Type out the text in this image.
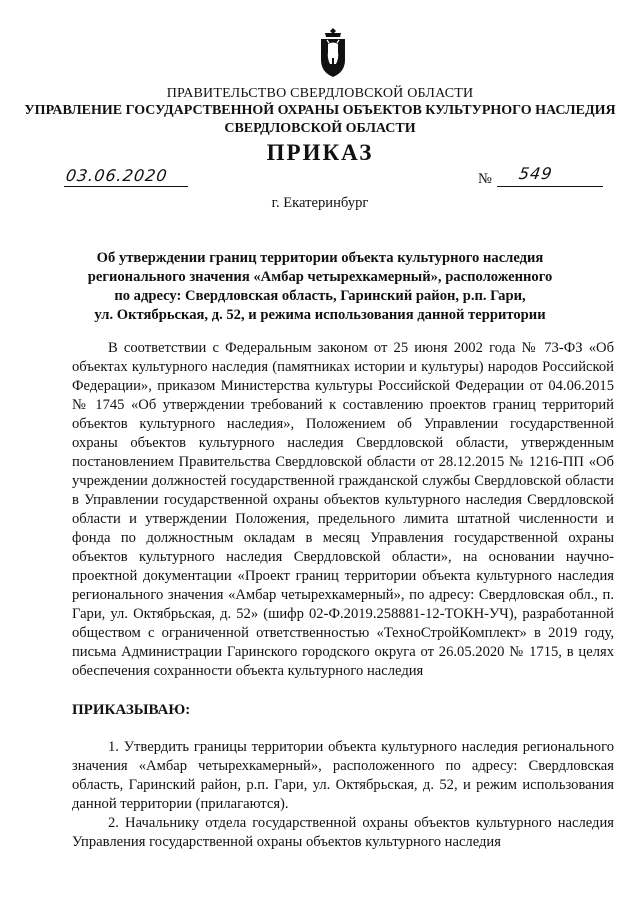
ПРАВИТЕЛЬСТВО СВЕРДЛОВСКОЙ ОБЛАСТИ
УПРАВЛЕНИЕ ГОСУДАРСТВЕННОЙ ОХРАНЫ ОБЪЕКТОВ КУЛЬТУРНОГО НАСЛЕДИЯ
СВЕРДЛОВСКОЙ ОБЛАСТИ
ПРИКАЗ
03.06.2020	№ 549
г. Екатеринбург
Об утверждении границ территории объекта культурного наследия
регионального значения «Амбар четырехкамерный», расположенного
по адресу: Свердловская область, Гаринский район, р.п. Гари,
ул. Октябрьская, д. 52, и режима использования данной территории

В соответствии с Федеральным законом от 25 июня 2002 года № 73-ФЗ «Об объектах культурного наследия (памятниках истории и культуры) народов Российской Федерации», приказом Министерства культуры Российской Федерации от 04.06.2015 № 1745 «Об утверждении требований к составлению проектов границ территорий объектов культурного наследия», Положением об Управлении государственной охраны объектов культурного наследия Свердловской области, утвержденным постановлением Правительства Свердловской области от 28.12.2015 № 1216-ПП «Об учреждении должностей государственной гражданской службы Свердловской области в Управлении государственной охраны объектов культурного наследия Свердловской области и утверждении Положения, предельного лимита штатной численности и фонда по должностным окладам в месяц Управления государственной охраны объектов культурного наследия Свердловской области», на основании научно-проектной документации «Проект границ территории объекта культурного наследия регионального значения «Амбар четырехкамерный», по адресу: Свердловская обл., п. Гари, ул. Октябрьская, д. 52» (шифр 02-Ф.2019.258881-12-ТОКН-УЧ), разработанной обществом с ограниченной ответственностью «ТехноСтройКомплект» в 2019 году, письма Администрации Гаринского городского округа от 26.05.2020 № 1715, в целях обеспечения сохранности объекта культурного наследия

ПРИКАЗЫВАЮ:

1. Утвердить границы территории объекта культурного наследия регионального значения «Амбар четырехкамерный», расположенного по адресу: Свердловская область, Гаринский район, р.п. Гари, ул. Октябрьская, д. 52, и режим использования данной территории (прилагаются).

2. Начальнику отдела государственной охраны объектов культурного наследия Управления государственной охраны объектов культурного наследия
